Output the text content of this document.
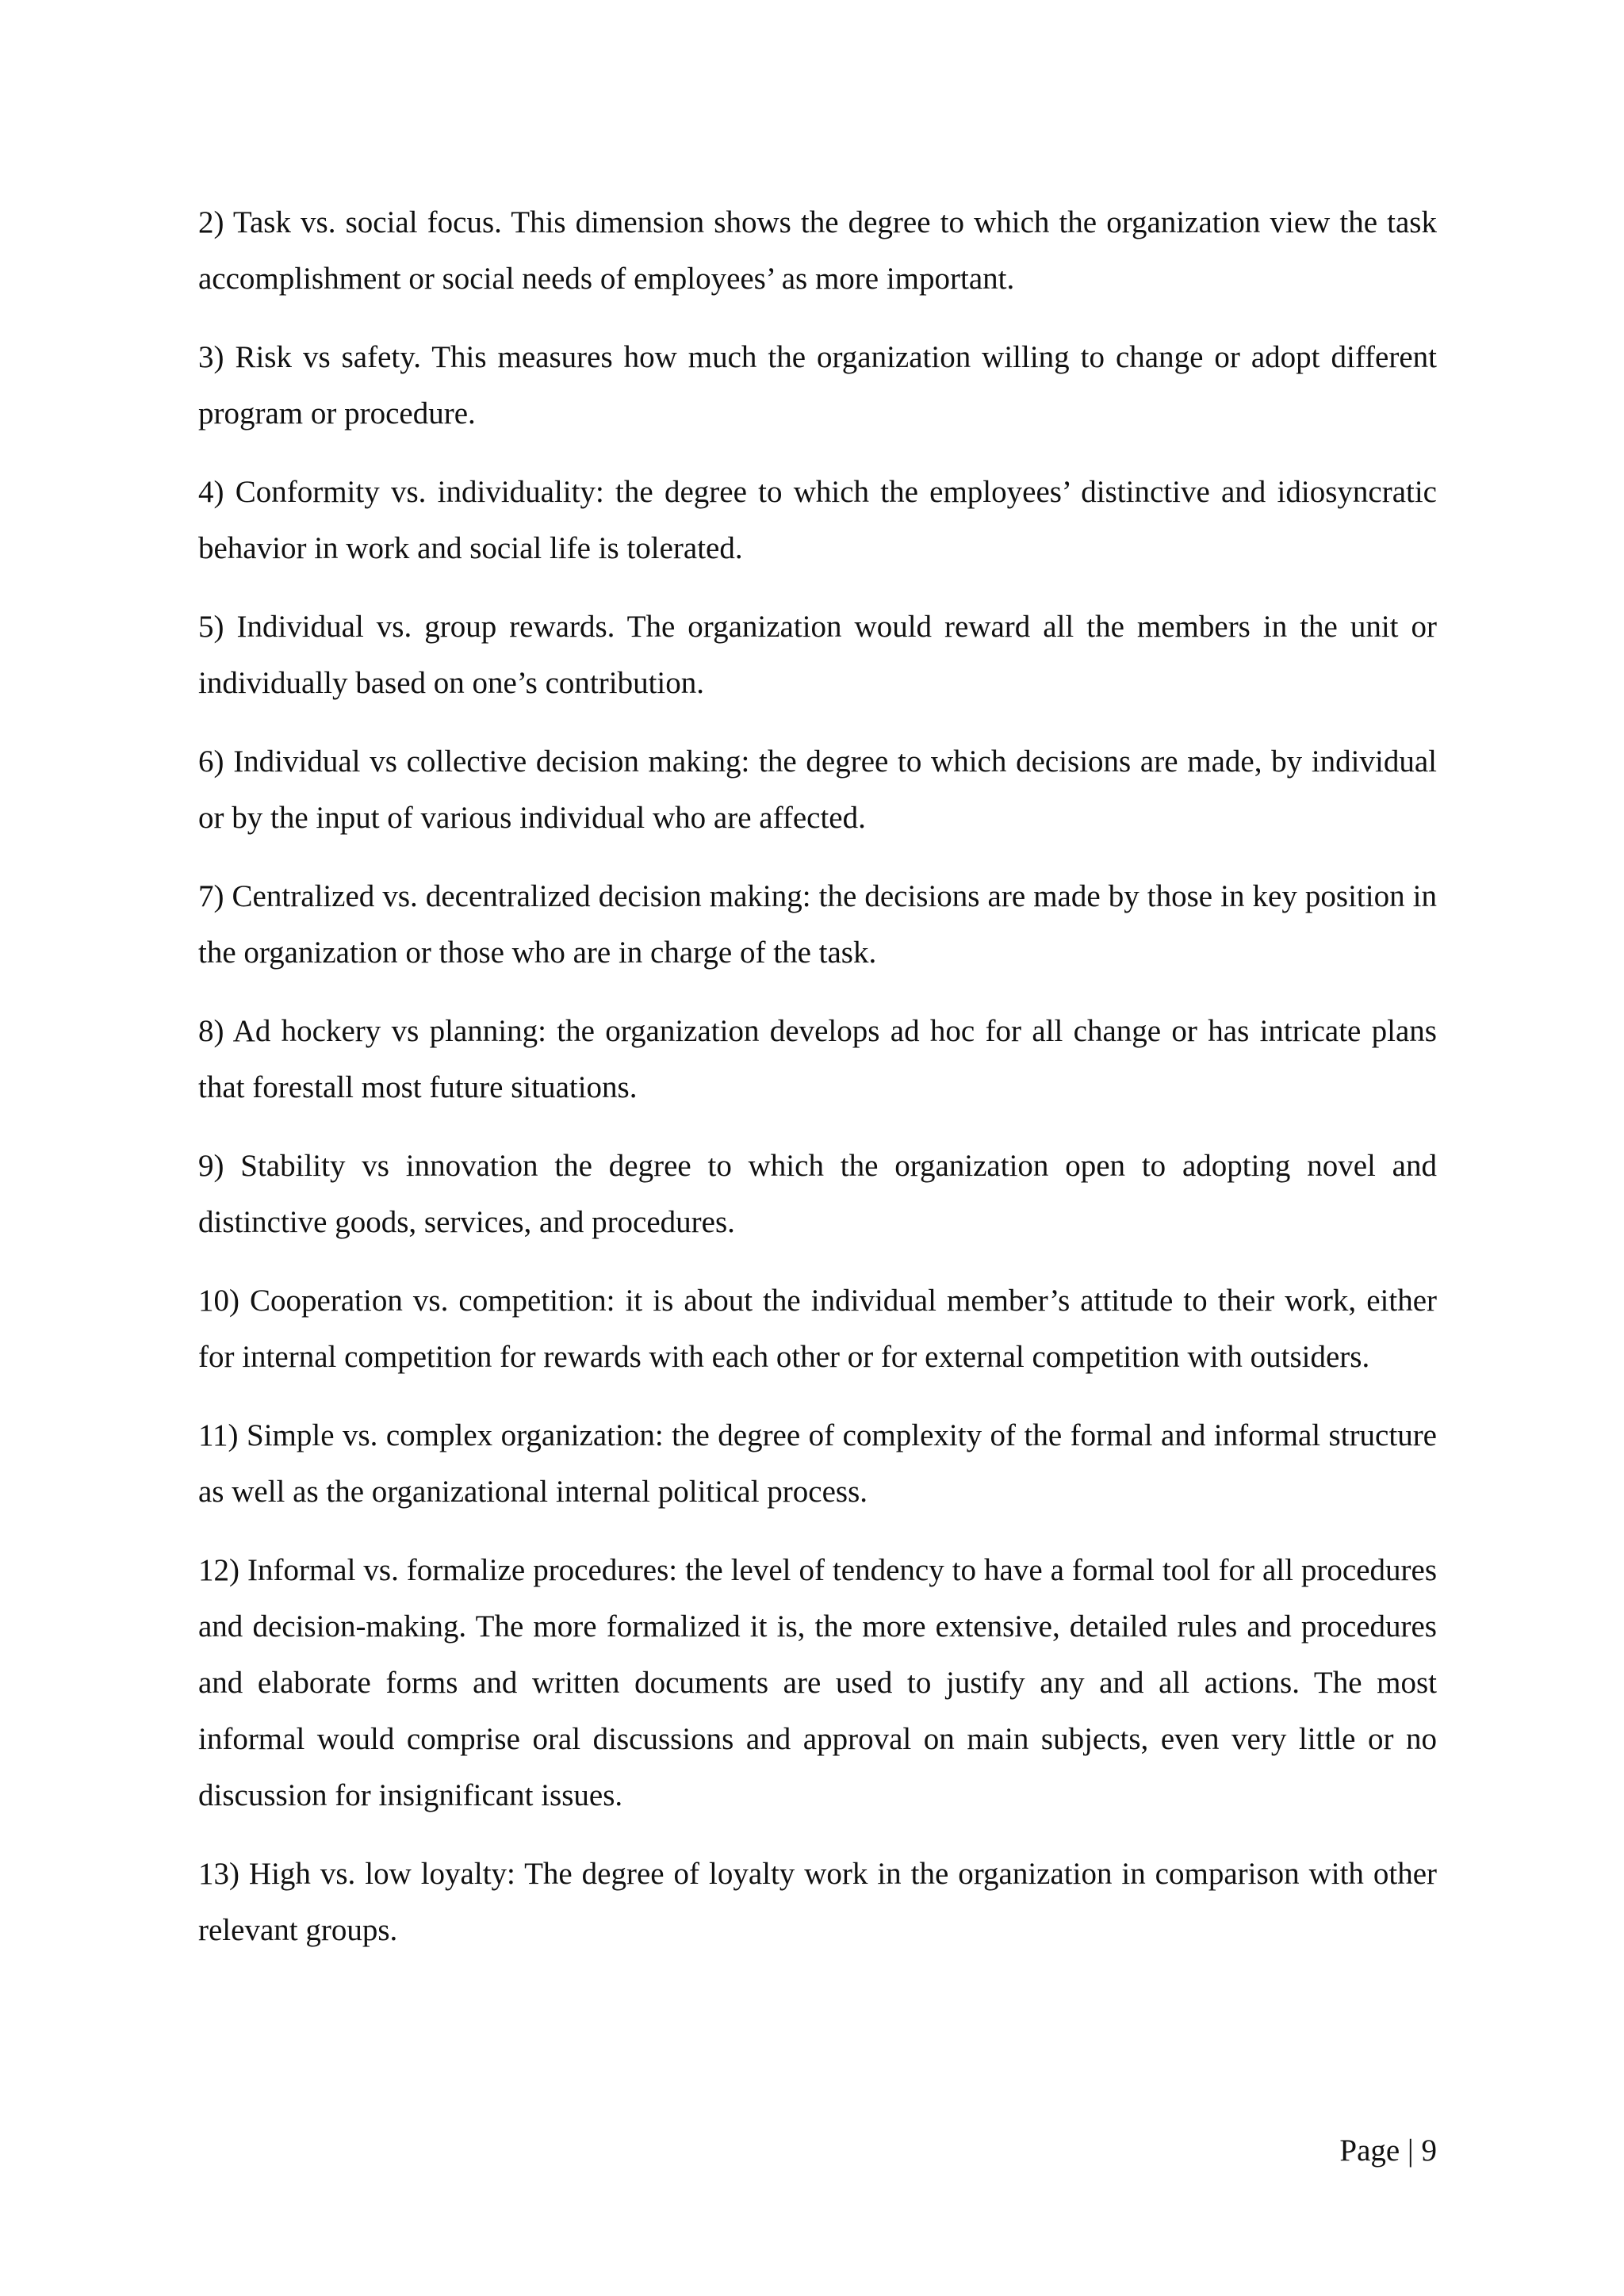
2) Task vs. social focus. This dimension shows the degree to which the organization view the task accomplishment or social needs of employees’ as more important.

3) Risk vs safety. This measures how much the organization willing to change or adopt different program or procedure.

4) Conformity vs. individuality: the degree to which the employees’ distinctive and idiosyncratic behavior in work and social life is tolerated.

5) Individual vs. group rewards. The organization would reward all the members in the unit or individually based on one’s contribution.

6) Individual vs collective decision making: the degree to which decisions are made, by individual or by the input of various individual who are affected.

7) Centralized vs. decentralized decision making: the decisions are made by those in key position in the organization or those who are in charge of the task.

8) Ad hockery vs planning: the organization develops ad hoc for all change or has intricate plans that forestall most future situations.

9) Stability vs innovation the degree to which the organization open to adopting novel and distinctive goods, services, and procedures.

10) Cooperation vs. competition: it is about the individual member’s attitude to their work, either for internal competition for rewards with each other or for external competition with outsiders.

11) Simple vs. complex organization: the degree of complexity of the formal and informal structure as well as the organizational internal political process.

12) Informal vs. formalize procedures: the level of tendency to have a formal tool for all procedures and decision-making. The more formalized it is, the more extensive, detailed rules and procedures and elaborate forms and written documents are used to justify any and all actions. The most informal would comprise oral discussions and approval on main subjects, even very little or no discussion for insignificant issues.

13) High vs. low loyalty: The degree of loyalty work in the organization in comparison with other relevant groups.

Page | 9
